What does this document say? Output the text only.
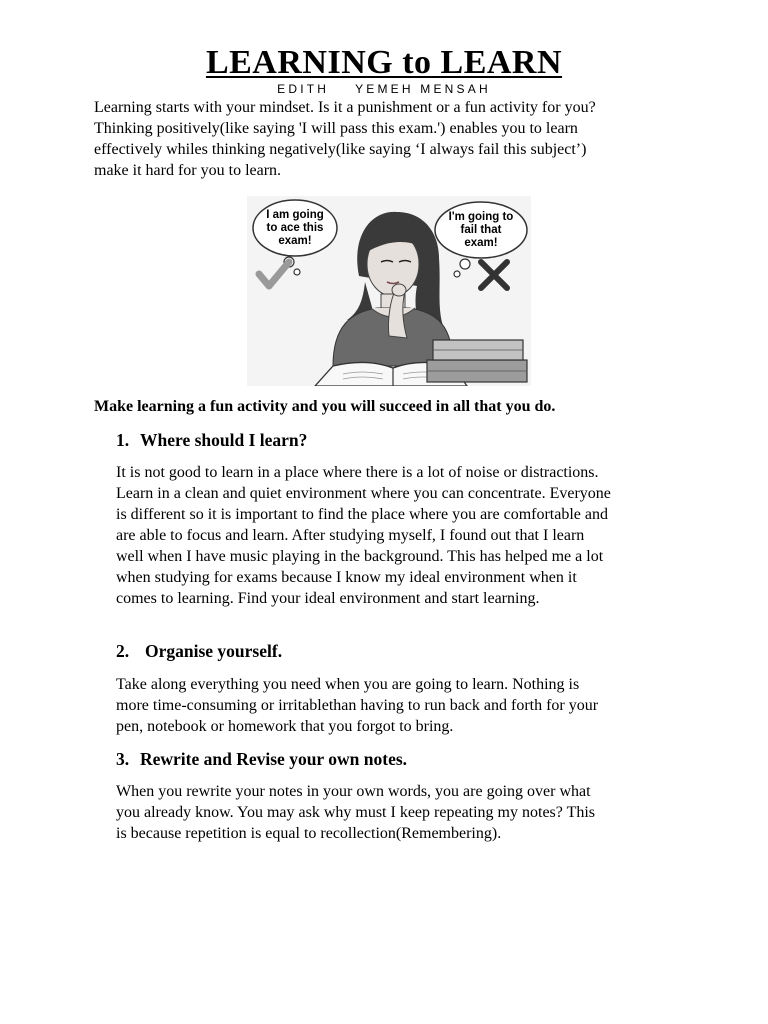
LEARNING to LEARN
EDITH    YEMEH MENSAH

Learning starts with your mindset. Is it a punishment or a fun activity for you?

Thinking positively(like saying 'I will pass this exam.') enables you to learn

effectively whiles thinking negatively(like saying ‘I always fail this subject’)

make it hard for you to learn.

I am going
to ace this
exam!
I'm going to
fail that
exam!
Make learning a fun activity and you will succeed in all that you do.
1. Where should I learn?

It is not good to learn in a place where there is a lot of noise or distractions.

Learn in a clean and quiet environment where you can concentrate. Everyone

is different so it is important to find the place where you are comfortable and

are able to focus and learn. After studying myself, I found out that I learn

well when I have music playing in the background. This has helped me a lot

when studying for exams because I know my ideal environment when it

comes to learning. Find your ideal environment and start learning.

2. Organise yourself.

Take along everything you need when you are going to learn. Nothing is

more time-consuming or irritablethan having to run back and forth for your

pen, notebook or homework that you forgot to bring.

3. Rewrite and Revise your own notes.

When you rewrite your notes in your own words, you are going over what

you already know. You may ask why must I keep repeating my notes? This

is because repetition is equal to recollection(Remembering).
